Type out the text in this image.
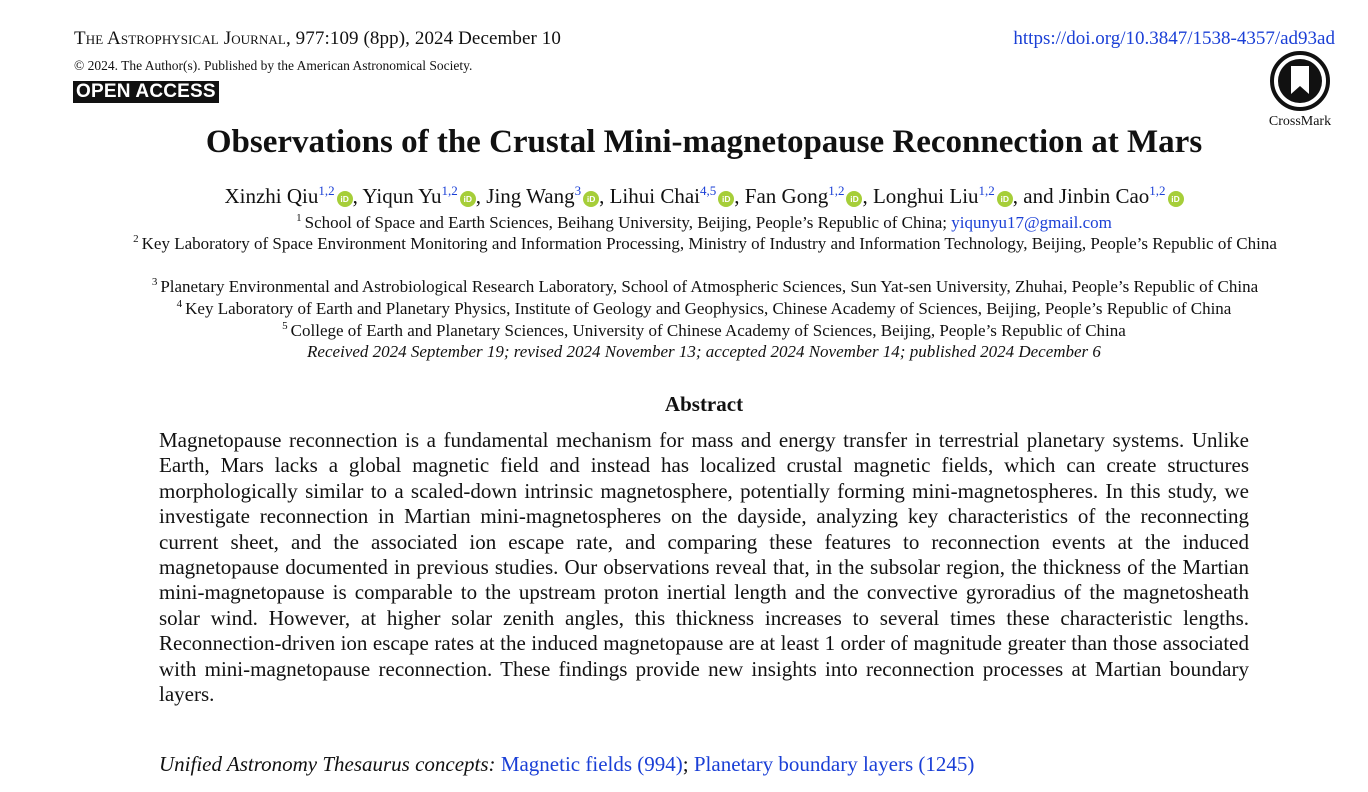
The Astrophysical Journal, 977:109 (8pp), 2024 December 10	https://doi.org/10.3847/1538-4357/ad93ad
© 2024. The Author(s). Published by the American Astronomical Society.
OPEN ACCESS
CrossMark
Observations of the Crustal Mini-magnetopause Reconnection at Mars
Xinzhi Qiu$^{1,2}$iD , Yiqun Yu$^{1,2}$iD , Jing Wang$^3$iD , Lihui Chai$^{4,5}$iD , Fan Gong$^{1,2}$iD , Longhui Liu$^{1,2}$iD , and Jinbin Cao$^{1,2}$iD
$^1$ School of Space and Earth Sciences, Beihang University, Beijing, People’s Republic of China; yiqunyu17@gmail.com
$^2$ Key Laboratory of Space Environment Monitoring and Information Processing, Ministry of Industry and Information Technology, Beijing, People’s Republic of China
$^3$ Planetary Environmental and Astrobiological Research Laboratory, School of Atmospheric Sciences, Sun Yat-sen University, Zhuhai, People’s Republic of China
$^4$ Key Laboratory of Earth and Planetary Physics, Institute of Geology and Geophysics, Chinese Academy of Sciences, Beijing, People’s Republic of China
$^5$ College of Earth and Planetary Sciences, University of Chinese Academy of Sciences, Beijing, People’s Republic of China
Received 2024 September 19; revised 2024 November 13; accepted 2024 November 14; published 2024 December 6
Abstract

Magnetopause reconnection is a fundamental mechanism for mass and energy transfer in terrestrial planetary systems. Unlike Earth, Mars lacks a global magnetic field and instead has localized crustal magnetic fields, which can create structures morphologically similar to a scaled-down intrinsic magnetosphere, potentially forming mini-magnetospheres. In this study, we investigate reconnection in Martian mini-magnetospheres on the dayside, analyzing key characteristics of the reconnecting current sheet, and the associated ion escape rate, and comparing these features to reconnection events at the induced magnetopause documented in previous studies. Our observations reveal that, in the subsolar region, the thickness of the Martian mini-magnetopause is comparable to the upstream proton inertial length and the convective gyroradius of the magnetosheath solar wind. However, at higher solar zenith angles, this thickness increases to several times these characteristic lengths. Reconnection-driven ion escape rates at the induced magnetopause are at least 1 order of magnitude greater than those associated with mini-magnetopause reconnection. These findings provide new insights into reconnection processes at Martian boundary layers.

Unified Astronomy Thesaurus concepts: Magnetic fields (994); Planetary boundary layers (1245)
